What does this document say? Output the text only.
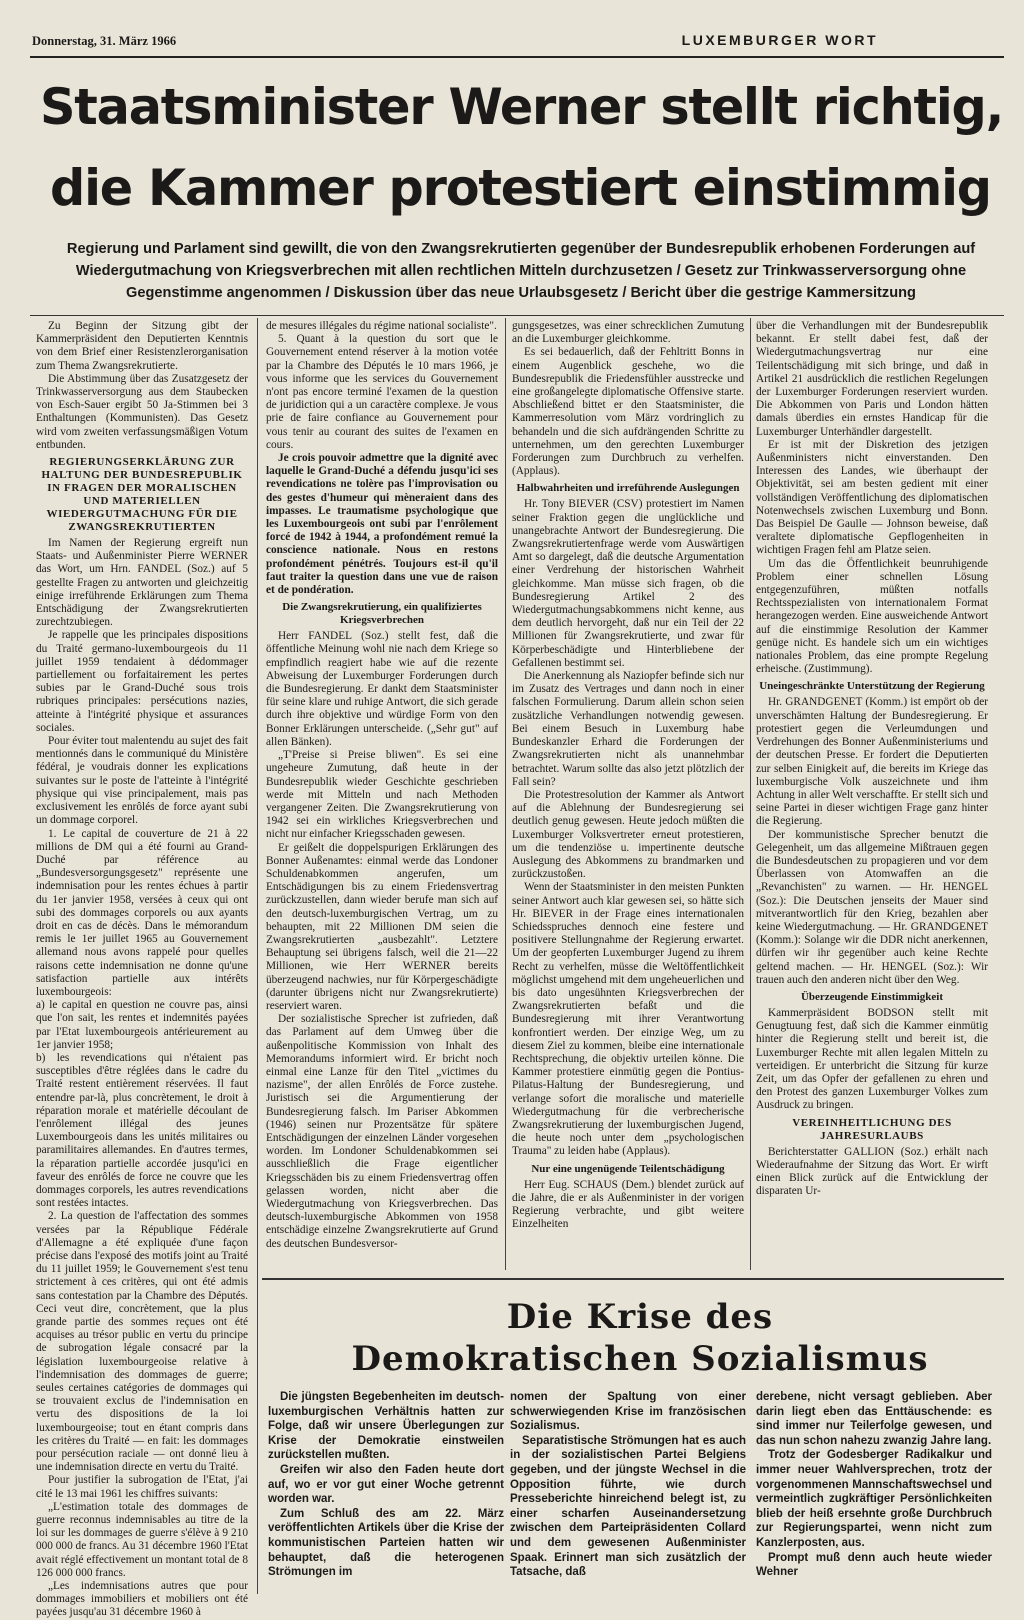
Donnerstag, 31. März 1966	LUXEMBURGER WORT
Staatsminister Werner stellt richtig,
die Kammer protestiert einstimmig
Regierung und Parlament sind gewillt, die von den Zwangsrekrutierten gegenüber der Bundesrepublik erhobenen Forderungen auf Wiedergutmachung von Kriegsverbrechen mit allen rechtlichen Mitteln durchzusetzen / Gesetz zur Trinkwasserversorgung ohne Gegenstimme angenommen / Diskussion über das neue Urlaubsgesetz / Bericht über die gestrige Kammersitzung

Zu Beginn der Sitzung gibt der Kammerpräsident den Deputierten Kenntnis von dem Brief einer Resistenzlerorganisation zum Thema Zwangsrekrutierte.

Die Abstimmung über das Zusatzgesetz der Trinkwasserversorgung aus dem Staubecken von Esch-Sauer ergibt 50 Ja-Stimmen bei 3 Enthaltungen (Kommunisten). Das Gesetz wird vom zweiten verfassungsmäßigen Votum entbunden.

REGIERUNGSERKLÄRUNG ZUR HALTUNG DER BUNDESREPUBLIK IN FRAGEN DER MORALISCHEN UND MATERIELLEN WIEDERGUTMACHUNG FÜR DIE ZWANGSREKRUTIERTEN

Im Namen der Regierung ergreift nun Staats- und Außenminister Pierre WERNER das Wort, um Hrn. FANDEL (Soz.) auf 5 gestellte Fragen zu antworten und gleichzeitig einige irreführende Erklärungen zum Thema Entschädigung der Zwangsrekrutierten zurechtzubiegen.

Je rappelle que les principales dispositions du Traité germano-luxembourgeois du 11 juillet 1959 tendaient à dédommager partiellement ou forfaitairement les pertes subies par le Grand-Duché sous trois rubriques principales: persécutions nazies, atteinte à l'intégrité physique et assurances sociales.

Pour éviter tout malentendu au sujet des fait mentionnés dans le communiqué du Ministère fédéral, je voudrais donner les explications suivantes sur le poste de l'atteinte à l'intégrité physique qui vise principalement, mais pas exclusivement les enrôlés de force ayant subi un dommage corporel.

1. Le capital de couverture de 21 à 22 millions de DM qui a été fourni au Grand-Duché par référence au „Bundesversorgungsgesetz" représente une indemnisation pour les rentes échues à partir du 1er janvier 1958, versées à ceux qui ont subi des dommages corporels ou aux ayants droit en cas de décès. Dans le mémorandum remis le 1er juillet 1965 au Gouvernement allemand nous avons rappelé pour quelles raisons cette indemnisation ne donne qu'une satisfaction partielle aux intérêts luxembourgeois:

a) le capital en question ne couvre pas, ainsi que l'on sait, les rentes et indemnités payées par l'Etat luxembourgeois antérieurement au 1er janvier 1958;

b) les revendications qui n'étaient pas susceptibles d'être réglées dans le cadre du Traité restent entièrement réservées. Il faut entendre par-là, plus concrètement, le droit à réparation morale et matérielle découlant de l'enrôlement illégal des jeunes Luxembourgeois dans les unités militaires ou paramilitaires allemandes. En d'autres termes, la réparation partielle accordée jusqu'ici en faveur des enrôlés de force ne couvre que les dommages corporels, les autres revendications sont restées intactes.

2. La question de l'affectation des sommes versées par la République Fédérale d'Allemagne a été expliquée d'une façon précise dans l'exposé des motifs joint au Traité du 11 juillet 1959; le Gouvernement s'est tenu strictement à ces critères, qui ont été admis sans contestation par la Chambre des Députés. Ceci veut dire, concrètement, que la plus grande partie des sommes reçues ont été acquises au trésor public en vertu du principe de subrogation légale consacré par la législation luxembourgeoise relative à l'indemnisation des dommages de guerre; seules certaines catégories de dommages qui se trouvaient exclus de l'indemnisation en vertu des dispositions de la loi luxembourgeoise; tout en étant compris dans les critères du Traité — en fait: les dommages pour persécution raciale — ont donné lieu à une indemnisation directe en vertu du Traité.

Pour justifier la subrogation de l'Etat, j'ai cité le 13 mai 1961 les chiffres suivants:

„L'estimation totale des dommages de guerre reconnus indemnisables au titre de la loi sur les dommages de guerre s'élève à 9 210 000 000 de francs. Au 31 décembre 1960 l'Etat avait réglé effectivement un montant total de 8 126 000 000 francs.

„Les indemnisations autres que pour dommages immobiliers et mobiliers ont été payées jusqu'au 31 décembre 1960 à

de mesures illégales du régime national socialiste".

5. Quant à la question du sort que le Gouvernement entend réserver à la motion votée par la Chambre des Députés le 10 mars 1966, je vous informe que les services du Gouvernement n'ont pas encore terminé l'examen de la question de juridiction qui a un caractère complexe. Je vous prie de faire confiance au Gouvernement pour vous tenir au courant des suites de l'examen en cours.

Je crois pouvoir admettre que la dignité avec laquelle le Grand-Duché a défendu jusqu'ici ses revendications ne tolère pas l'improvisation ou des gestes d'humeur qui mèneraient dans des impasses. Le traumatisme psychologique que les Luxembourgeois ont subi par l'enrôlement forcé de 1942 à 1944, a profondément remué la conscience nationale. Nous en restons profondément pénétrés. Toujours est-il qu'il faut traiter la question dans une vue de raison et de pondération.

Die Zwangsrekrutierung, ein qualifiziertes Kriegsverbrechen

Herr FANDEL (Soz.) stellt fest, daß die öffentliche Meinung wohl nie nach dem Kriege so empfindlich reagiert habe wie auf die rezente Abweisung der Luxemburger Forderungen durch die Bundesregierung. Er dankt dem Staatsminister für seine klare und ruhige Antwort, die sich gerade durch ihre objektive und würdige Form von den Bonner Erklärungen unterscheide. („Sehr gut" auf allen Bänken).

„T'Preise si Preise bliwen". Es sei eine ungeheure Zumutung, daß heute in der Bundesrepublik wieder Geschichte geschrieben werde mit Mitteln und nach Methoden vergangener Zeiten. Die Zwangsrekrutierung von 1942 sei ein wirkliches Kriegsverbrechen und nicht nur einfacher Kriegsschaden gewesen.

Er geißelt die doppelspurigen Erklärungen des Bonner Außenamtes: einmal werde das Londoner Schuldenabkommen angerufen, um Entschädigungen bis zu einem Friedensvertrag zurückzustellen, dann wieder berufe man sich auf den deutsch-luxemburgischen Vertrag, um zu behaupten, mit 22 Millionen DM seien die Zwangsrekrutierten „ausbezahlt". Letztere Behauptung sei übrigens falsch, weil die 21—22 Millionen, wie Herr WERNER bereits überzeugend nachwies, nur für Körpergeschädigte (darunter übrigens nicht nur Zwangsrekrutierte) reserviert waren.

Der sozialistische Sprecher ist zufrieden, daß das Parlament auf dem Umweg über die außenpolitische Kommission von Inhalt des Memorandums informiert wird. Er bricht noch einmal eine Lanze für den Titel „victimes du nazisme", der allen Enrôlés de Force zustehe. Juristisch sei die Argumentierung der Bundesregierung falsch. Im Pariser Abkommen (1946) seinen nur Prozentsätze für spätere Entschädigungen der einzelnen Länder vorgesehen worden. Im Londoner Schuldenabkommen sei ausschließlich die Frage eigentlicher Kriegsschäden bis zu einem Friedensvertrag offen gelassen worden, nicht aber die Wiedergutmachung von Kriegsverbrechen. Das deutsch-luxemburgische Abkommen von 1958 entschädige einzelne Zwangsrekrutierte auf Grund des deutschen Bundesversor-

gungsgesetzes, was einer schrecklichen Zumutung an die Luxemburger gleichkomme.

Es sei bedauerlich, daß der Fehltritt Bonns in einem Augenblick geschehe, wo die Bundesrepublik die Friedensfühler ausstrecke und eine großangelegte diplomatische Offensive starte. Abschließend bittet er den Staatsminister, die Kammerresolution vom März vordringlich zu behandeln und die sich aufdrängenden Schritte zu unternehmen, um den gerechten Luxemburger Forderungen zum Durchbruch zu verhelfen. (Applaus).

Halbwahrheiten und irreführende Auslegungen

Hr. Tony BIEVER (CSV) protestiert im Namen seiner Fraktion gegen die unglückliche und unangebrachte Antwort der Bundesregierung. Die Zwangsrekrutiertenfrage werde vom Auswärtigen Amt so dargelegt, daß die deutsche Argumentation einer Verdrehung der historischen Wahrheit gleichkomme. Man müsse sich fragen, ob die Bundesregierung Artikel 2 des Wiedergutmachungsabkommens nicht kenne, aus dem deutlich hervorgeht, daß nur ein Teil der 22 Millionen für Zwangsrekrutierte, und zwar für Körperbeschädigte und Hinterbliebene der Gefallenen bestimmt sei.

Die Anerkennung als Naziopfer befinde sich nur im Zusatz des Vertrages und dann noch in einer falschen Formulierung. Darum allein schon seien zusätzliche Verhandlungen notwendig gewesen. Bei einem Besuch in Luxemburg habe Bundeskanzler Erhard die Forderungen der Zwangsrekrutierten nicht als unannehmbar betrachtet. Warum sollte das also jetzt plötzlich der Fall sein?

Die Protestresolution der Kammer als Antwort auf die Ablehnung der Bundesregierung sei deutlich genug gewesen. Heute jedoch müßten die Luxemburger Volksvertreter erneut protestieren, um die tendenziöse u. impertinente deutsche Auslegung des Abkommens zu brandmarken und zurückzustoßen.

Wenn der Staatsminister in den meisten Punkten seiner Antwort auch klar gewesen sei, so hätte sich Hr. BIEVER in der Frage eines internationalen Schiedsspruches dennoch eine festere und positivere Stellungnahme der Regierung erwartet. Um der geopferten Luxemburger Jugend zu ihrem Recht zu verhelfen, müsse die Weltöffentlichkeit möglichst umgehend mit dem ungeheuerlichen und bis dato ungesühnten Kriegsverbrechen der Zwangsrekrutierten befaßt und die Bundesregierung mit ihrer Verantwortung konfrontiert werden. Der einzige Weg, um zu diesem Ziel zu kommen, bleibe eine internationale Rechtsprechung, die objektiv urteilen könne. Die Kammer protestiere einmütig gegen die Pontius-Pilatus-Haltung der Bundesregierung, und verlange sofort die moralische und materielle Wiedergutmachung für die verbrecherische Zwangsrekrutierung der luxemburgischen Jugend, die heute noch unter dem „psychologischen Trauma" zu leiden habe (Applaus).

Nur eine ungenügende Teilentschädigung

Herr Eug. SCHAUS (Dem.) blendet zurück auf die Jahre, die er als Außenminister in der vorigen Regierung verbrachte, und gibt weitere Einzelheiten

über die Verhandlungen mit der Bundesrepublik bekannt. Er stellt dabei fest, daß der Wiedergutmachungsvertrag nur eine Teilentschädigung mit sich bringe, und daß in Artikel 21 ausdrücklich die restlichen Regelungen der Luxemburger Forderungen reserviert wurden. Die Abkommen von Paris und London hätten damals überdies ein ernstes Handicap für die Luxemburger Unterhändler dargestellt.

Er ist mit der Diskretion des jetzigen Außenministers nicht einverstanden. Den Interessen des Landes, wie überhaupt der Objektivität, sei am besten gedient mit einer vollständigen Veröffentlichung des diplomatischen Notenwechsels zwischen Luxemburg und Bonn. Das Beispiel De Gaulle — Johnson beweise, daß veraltete diplomatische Gepflogenheiten in wichtigen Fragen fehl am Platze seien.

Um das die Öffentlichkeit beunruhigende Problem einer schnellen Lösung entgegenzuführen, müßten notfalls Rechtsspezialisten von internationalem Format herangezogen werden. Eine ausweichende Antwort auf die einstimmige Resolution der Kammer genüge nicht. Es handele sich um ein wichtiges nationales Problem, das eine prompte Regelung erheische. (Zustimmung).

Uneingeschränkte Unterstützung der Regierung

Hr. GRANDGENET (Komm.) ist empört ob der unverschämten Haltung der Bundesregierung. Er protestiert gegen die Verleumdungen und Verdrehungen des Bonner Außenministeriums und der deutschen Presse. Er fordert die Deputierten zur selben Einigkeit auf, die bereits im Kriege das luxemburgische Volk auszeichnete und ihm Achtung in aller Welt verschaffte. Er stellt sich und seine Partei in dieser wichtigen Frage ganz hinter die Regierung.

Der kommunistische Sprecher benutzt die Gelegenheit, um das allgemeine Mißtrauen gegen die Bundesdeutschen zu propagieren und vor dem Überlassen von Atomwaffen an die „Revanchisten" zu warnen. — Hr. HENGEL (Soz.): Die Deutschen jenseits der Mauer sind mitverantwortlich für den Krieg, bezahlen aber keine Wiedergutmachung. — Hr. GRANDGENET (Komm.): Solange wir die DDR nicht anerkennen, dürfen wir ihr gegenüber auch keine Rechte geltend machen. — Hr. HENGEL (Soz.): Wir trauen auch den anderen nicht über den Weg.

Überzeugende Einstimmigkeit

Kammerpräsident BODSON stellt mit Genugtuung fest, daß sich die Kammer einmütig hinter die Regierung stellt und bereit ist, die Luxemburger Rechte mit allen legalen Mitteln zu verteidigen. Er unterbricht die Sitzung für kurze Zeit, um das Opfer der gefallenen zu ehren und den Protest des ganzen Luxemburger Volkes zum Ausdruck zu bringen.

VEREINHEITLICHUNG DES JAHRESURLAUBS

Berichterstatter GALLION (Soz.) erhält nach Wiederaufnahme der Sitzung das Wort. Er wirft einen Blick zurück auf die Entwicklung der disparaten Ur-

Die Krise des
Demokratischen Sozialismus

Die jüngsten Begebenheiten im deutsch-luxemburgischen Verhältnis hatten zur Folge, daß wir unsere Überlegungen zur Krise der Demokratie einstweilen zurückstellen mußten.

Greifen wir also den Faden heute dort auf, wo er vor gut einer Woche getrennt worden war.

Zum Schluß des am 22. März veröffentlichten Artikels über die Krise der kommunistischen Parteien hatten wir behauptet, daß die heterogenen Strömungen im

nomen der Spaltung von einer schwerwiegenden Krise im französischen Sozialismus.

Separatistische Strömungen hat es auch in der sozialistischen Partei Belgiens gegeben, und der jüngste Wechsel in die Opposition führte, wie durch Presseberichte hinreichend belegt ist, zu einer scharfen Auseinandersetzung zwischen dem Parteipräsidenten Collard und dem gewesenen Außenminister Spaak. Erinnert man sich zusätzlich der Tatsache, daß

derebene, nicht versagt geblieben. Aber darin liegt eben das Enttäuschende: es sind immer nur Teilerfolge gewesen, und das nun schon nahezu zwanzig Jahre lang.

Trotz der Godesberger Radikalkur und immer neuer Wahlversprechen, trotz der vorgenommenen Mannschaftswechsel und vermeintlich zugkräftiger Persönlichkeiten blieb der heiß ersehnte große Durchbruch zur Regierungspartei, wenn nicht zum Kanzlerposten, aus.

Prompt muß denn auch heute wieder Wehner
